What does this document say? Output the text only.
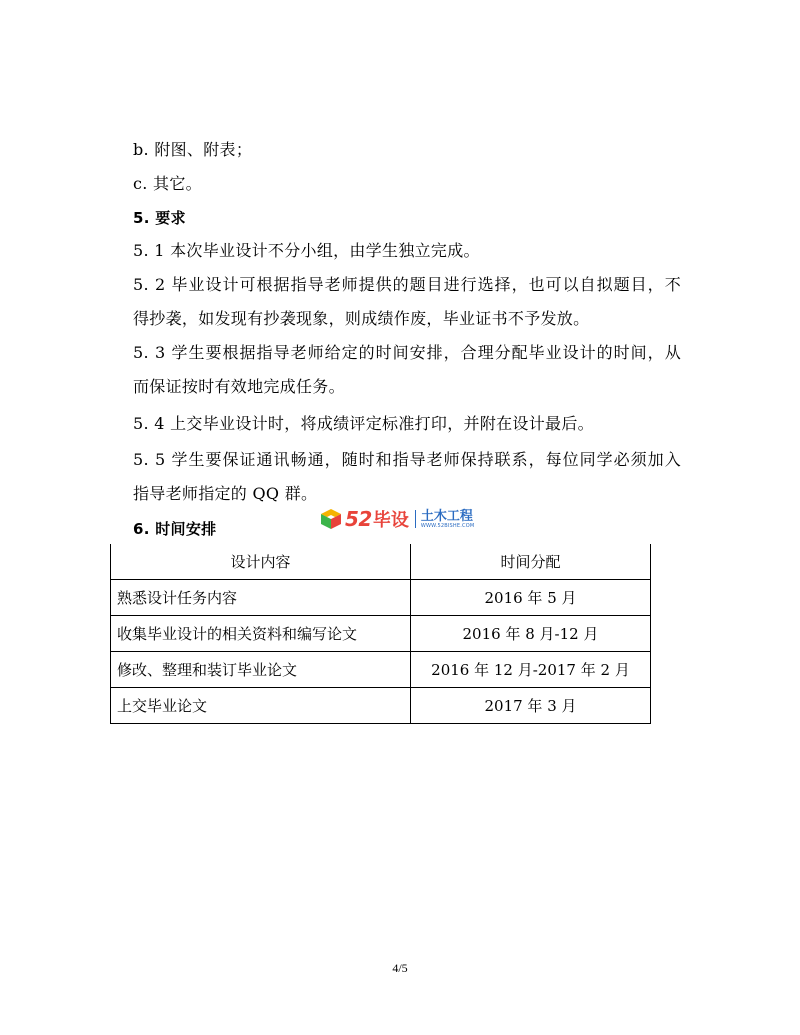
b. 附图、附表；
c. 其它。
5. 要求
5. 1 本次毕业设计不分小组，由学生独立完成。
5. 2 毕业设计可根据指导老师提供的题目进行选择，也可以自拟题目，不
得抄袭，如发现有抄袭现象，则成绩作废，毕业证书不予发放。
5. 3 学生要根据指导老师给定的时间安排，合理分配毕业设计的时间，从
而保证按时有效地完成任务。
5. 4 上交毕业设计时，将成绩评定标准打印，并附在设计最后。
5. 5 学生要保证通讯畅通，随时和指导老师保持联系，每位同学必须加入
指导老师指定的 QQ 群。
6. 时间安排	52 毕设 土木工程
WWW.52BISHE.COM
设计内容	时间分配
熟悉设计任务内容	2016 年 5 月
收集毕业设计的相关资料和编写论文	2016 年 8 月-12 月
修改、整理和装订毕业论文	2016 年 12 月-2017 年 2 月
上交毕业论文	2017 年 3 月
4/5
